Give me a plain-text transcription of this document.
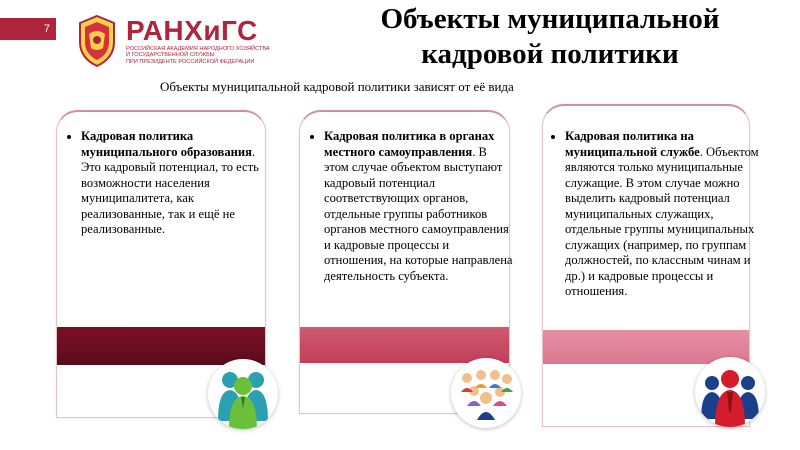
7	РАНХиГС
РОССИЙСКАЯ АКАДЕМИЯ НАРОДНОГО ХОЗЯЙСТВА
И ГОСУДАРСТВЕННОЙ СЛУЖБЫ
ПРИ ПРЕЗИДЕНТЕ РОССИЙСКОЙ ФЕДЕРАЦИИ
Объекты муниципальной
кадровой политики
Объекты муниципальной кадровой политики зависят от её вида
• Кадровая политика муниципального образования. Это кадровый потенциал, то есть возможности населения муниципалитета, как реализованные, так и ещё не реализованные.
• Кадровая политика в органах местного самоуправления. В этом случае объектом выступают кадровый потенциал соответствующих органов, отдельные группы работников органов местного самоуправления и кадровые процессы и отношения, на которые направлена деятельность субъекта.
• Кадровая политика на муниципальной службе. Объектом являются только муниципальные служащие. В этом случае можно выделить кадровый потенциал муниципальных служащих, отдельные группы муниципальных служащих (например, по группам должностей, по классным чинам и др.) и кадровые процессы и отношения.
